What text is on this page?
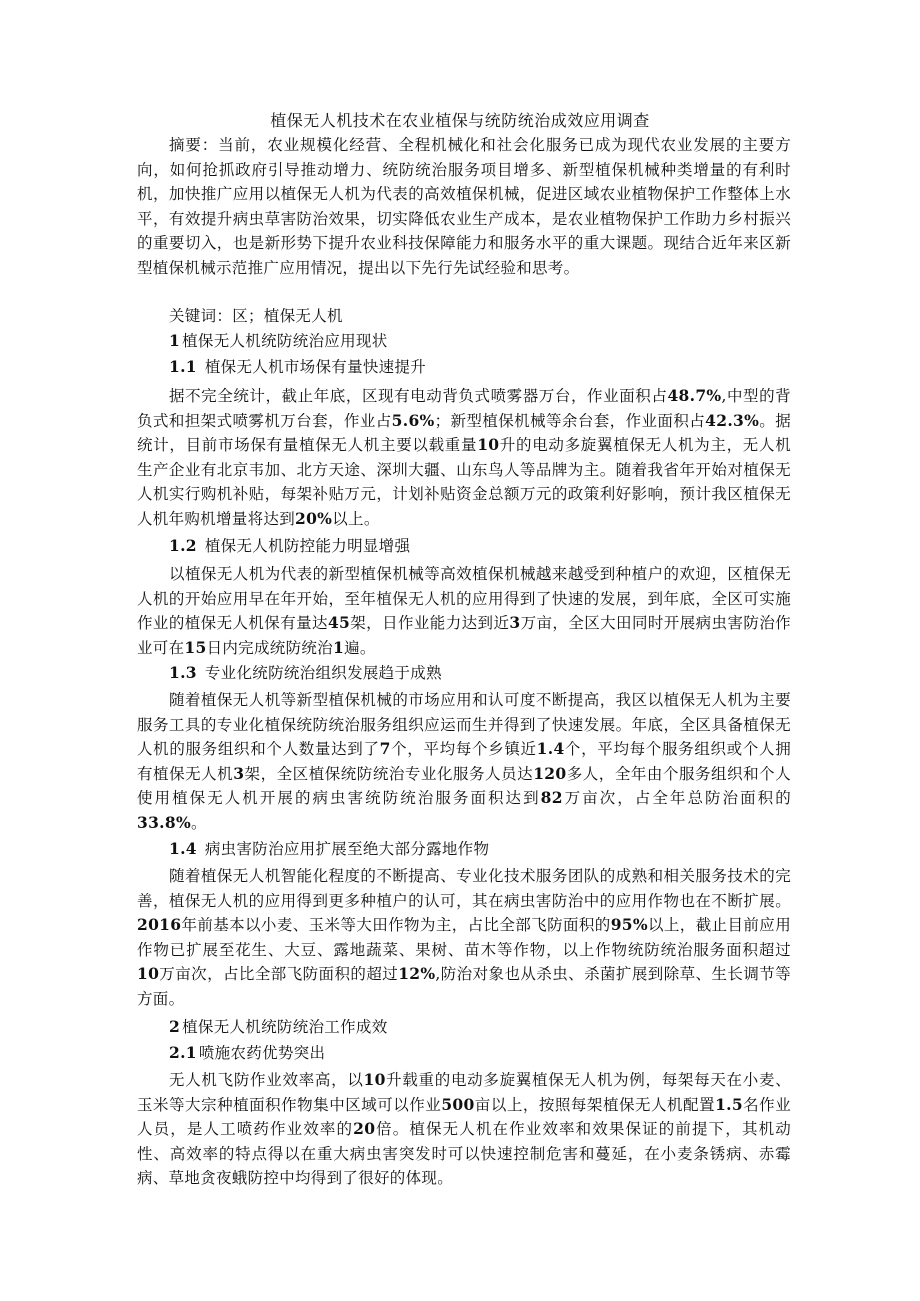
植保无人机技术在农业植保与统防统治成效应用调查
摘要：当前，农业规模化经营、全程机械化和社会化服务已成为现代农业发展的主要方向，如何抢抓政府引导推动增力、统防统治服务项目增多、新型植保机械种类增量的有利时机，加快推广应用以植保无人机为代表的高效植保机械，促进区域农业植物保护工作整体上水平，有效提升病虫草害防治效果，切实降低农业生产成本，是农业植物保护工作助力乡村振兴的重要切入，也是新形势下提升农业科技保障能力和服务水平的重大课题。现结合近年来区新型植保机械示范推广应用情况，提出以下先行先试经验和思考。
关键词：区；植保无人机
1 植保无人机统防统治应用现状
1.1 植保无人机市场保有量快速提升
据不完全统计，截止年底，区现有电动背负式喷雾器万台，作业面积占48.7%,中型的背负式和担架式喷雾机万台套，作业占5.6%；新型植保机械等余台套，作业面积占42.3%。据统计，目前市场保有量植保无人机主要以载重量10升的电动多旋翼植保无人机为主，无人机生产企业有北京韦加、北方天途、深圳大疆、山东鸟人等品牌为主。随着我省年开始对植保无人机实行购机补贴，每架补贴万元，计划补贴资金总额万元的政策利好影响，预计我区植保无人机年购机增量将达到20%以上。
1.2 植保无人机防控能力明显增强
以植保无人机为代表的新型植保机械等高效植保机械越来越受到种植户的欢迎，区植保无人机的开始应用早在年开始，至年植保无人机的应用得到了快速的发展，到年底，全区可实施作业的植保无人机保有量达45架，日作业能力达到近3万亩，全区大田同时开展病虫害防治作业可在15日内完成统防统治1遍。
1.3 专业化统防统治组织发展趋于成熟
随着植保无人机等新型植保机械的市场应用和认可度不断提高，我区以植保无人机为主要服务工具的专业化植保统防统治服务组织应运而生并得到了快速发展。年底，全区具备植保无人机的服务组织和个人数量达到了7个，平均每个乡镇近1.4个，平均每个服务组织或个人拥有植保无人机3架，全区植保统防统治专业化服务人员达120多人，全年由个服务组织和个人使用植保无人机开展的病虫害统防统治服务面积达到82万亩次，占全年总防治面积的33.8%。
1.4 病虫害防治应用扩展至绝大部分露地作物
随着植保无人机智能化程度的不断提高、专业化技术服务团队的成熟和相关服务技术的完善，植保无人机的应用得到更多种植户的认可，其在病虫害防治中的应用作物也在不断扩展。2016年前基本以小麦、玉米等大田作物为主，占比全部飞防面积的95%以上，截止目前应用作物已扩展至花生、大豆、露地蔬菜、果树、苗木等作物，以上作物统防统治服务面积超过10万亩次，占比全部飞防面积的超过12%,防治对象也从杀虫、杀菌扩展到除草、生长调节等方面。
2 植保无人机统防统治工作成效
2.1 喷施农药优势突出
无人机飞防作业效率高，以10升载重的电动多旋翼植保无人机为例，每架每天在小麦、玉米等大宗种植面积作物集中区域可以作业500亩以上，按照每架植保无人机配置1.5名作业人员，是人工喷药作业效率的20倍。植保无人机在作业效率和效果保证的前提下，其机动性、高效率的特点得以在重大病虫害突发时可以快速控制危害和蔓延，在小麦条锈病、赤霉病、草地贪夜蛾防控中均得到了很好的体现。
